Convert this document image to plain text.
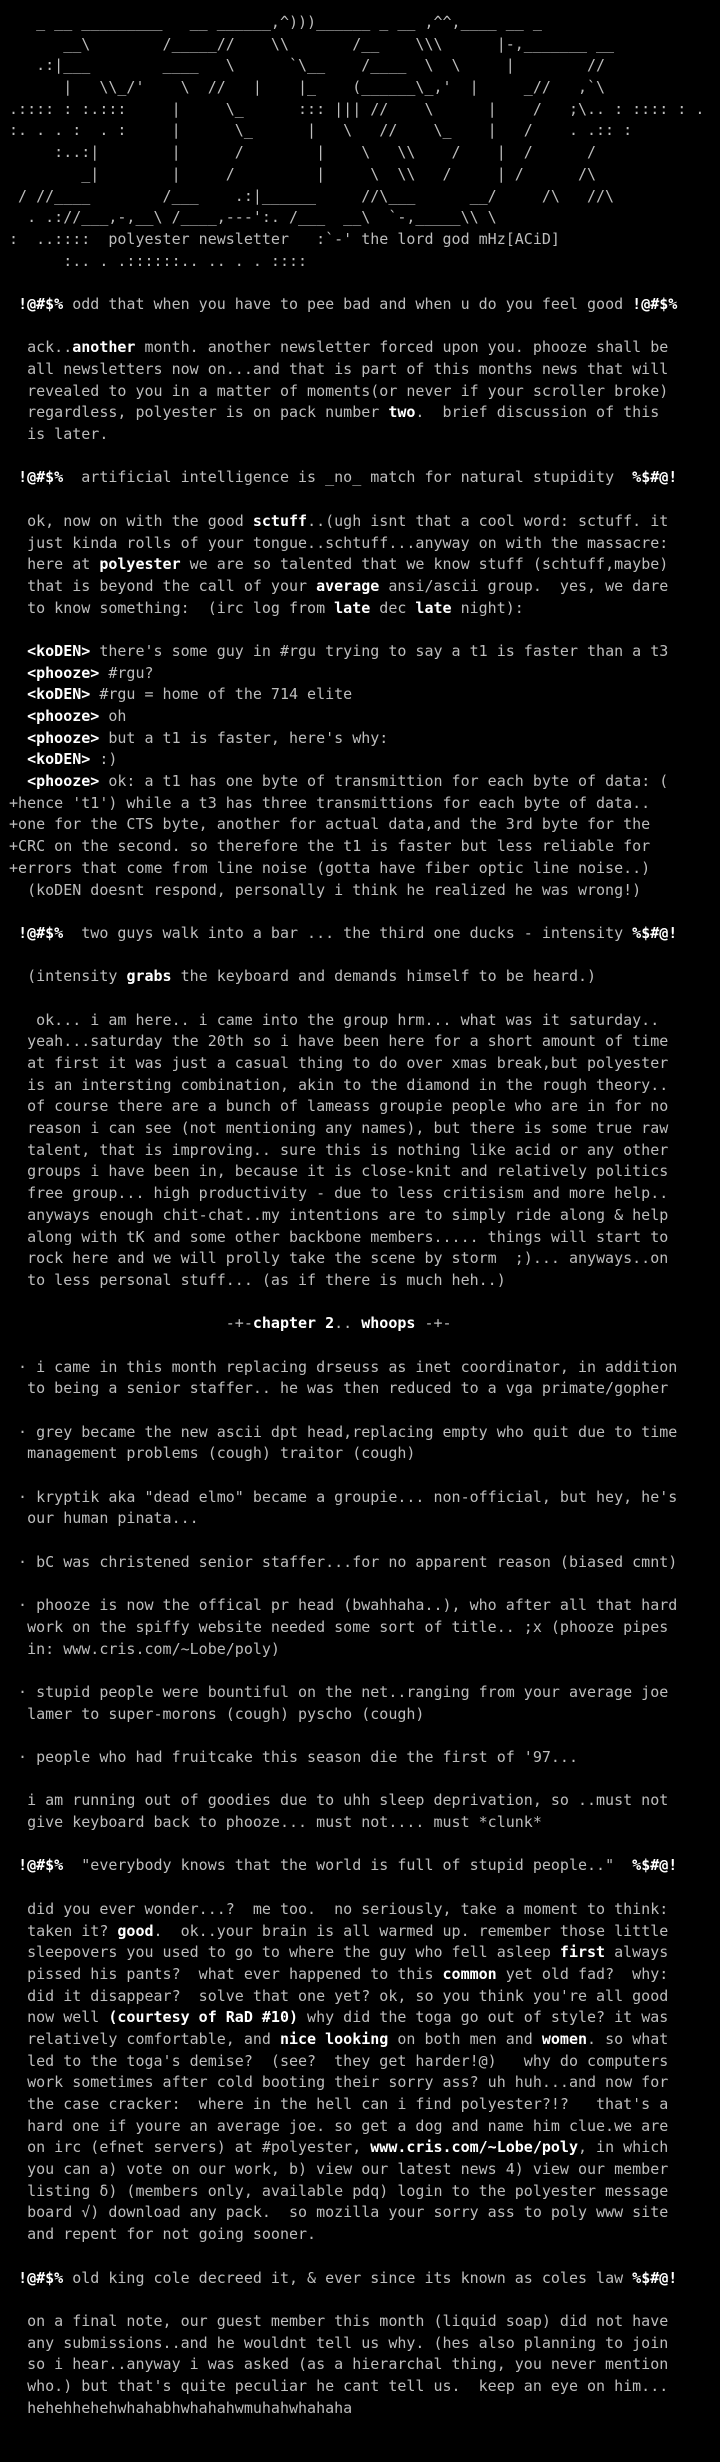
_ __ _________   __ ______,^)))______ _ __ ,^^,____ __ _
__\        /_____//    \\       /__    \\\      |-,_______ __
.:|___        ____   \      `\__    /____  \  \     |        //
|   \\_/'    \  //   |    |_    (______\_,'  |     _//   ,`\
.:::: : :.:::     |     \_      ::: ||| //    \      |    /   ;\.. : :::: : .
:. . . :  . :     |      \_      |   \   //    \_    |   /    . .:: :
:..:|        |      /        |    \   \\    /    |  /      /
_|        |     /         |     \  \\   /     | /      /\
/ //____        /___    .:|______     //\___      __/     /\   //\
. .://___,-,__\ /____,---':. /___  __\  `-,_____\\ \
:  ..::::  polyester newsletter   :`-' the lord god mHz[ACiD]
:.. . .::::::.. .. . . ::::
!@#$% odd that when you have to pee bad and when u do you feel good !@#$%
ack..another month. another newsletter forced upon you. phooze shall be
all newsletters now on...and that is part of this months news that will
revealed to you in a matter of moments(or never if your scroller broke)
regardless, polyester is on pack number two.  brief discussion of this
is later.
!@#$%  artificial intelligence is _no_ match for natural stupidity  %$#@!
ok, now on with the good sctuff..(ugh isnt that a cool word: sctuff. it
just kinda rolls of your tongue..schtuff...anyway on with the massacre:
here at polyester we are so talented that we know stuff (schtuff,maybe)
that is beyond the call of your average ansi/ascii group.  yes, we dare
to know something:  (irc log from late dec late night):
<koDEN> there's some guy in #rgu trying to say a t1 is faster than a t3
<phooze> #rgu?
<koDEN> #rgu = home of the 714 elite
<phooze> oh
<phooze> but a t1 is faster, here's why:
<koDEN> :)
<phooze> ok: a t1 has one byte of transmittion for each byte of data: (
+hence 't1') while a t3 has three transmittions for each byte of data..
+one for the CTS byte, another for actual data,and the 3rd byte for the
+CRC on the second. so therefore the t1 is faster but less reliable for
+errors that come from line noise (gotta have fiber optic line noise..)
(koDEN doesnt respond, personally i think he realized he was wrong!)
!@#$%  two guys walk into a bar ... the third one ducks - intensity %$#@!
(intensity grabs the keyboard and demands himself to be heard.)
ok... i am here.. i came into the group hrm... what was it saturday..
yeah...saturday the 20th so i have been here for a short amount of time
at first it was just a casual thing to do over xmas break,but polyester
is an intersting combination, akin to the diamond in the rough theory..
of course there are a bunch of lameass groupie people who are in for no
reason i can see (not mentioning any names), but there is some true raw
talent, that is improving.. sure this is nothing like acid or any other
groups i have been in, because it is close-knit and relatively politics
free group... high productivity - due to less critisism and more help..
anyways enough chit-chat..my intentions are to simply ride along & help
along with tK and some other backbone members..... things will start to
rock here and we will prolly take the scene by storm  ;)... anyways..on
to less personal stuff... (as if there is much heh..)
-+-chapter 2.. whoops -+-
· i came in this month replacing drseuss as inet coordinator, in addition
to being a senior staffer.. he was then reduced to a vga primate/gopher
· grey became the new ascii dpt head,replacing empty who quit due to time
management problems (cough) traitor (cough)
· kryptik aka "dead elmo" became a groupie... non-official, but hey, he's
our human pinata...
· bC was christened senior staffer...for no apparent reason (biased cmnt)
· phooze is now the offical pr head (bwahhaha..), who after all that hard
work on the spiffy website needed some sort of title.. ;x (phooze pipes
in: www.cris.com/~Lobe/poly)
· stupid people were bountiful on the net..ranging from your average joe
lamer to super-morons (cough) pyscho (cough)
· people who had fruitcake this season die the first of '97...
i am running out of goodies due to uhh sleep deprivation, so ..must not
give keyboard back to phooze... must not.... must *clunk*
!@#$%  "everybody knows that the world is full of stupid people.."  %$#@!
did you ever wonder...?  me too.  no seriously, take a moment to think:
taken it? good.  ok..your brain is all warmed up. remember those little
sleepovers you used to go to where the guy who fell asleep first always
pissed his pants?  what ever happened to this common yet old fad?  why:
did it disappear?  solve that one yet? ok, so you think you're all good
now well (courtesy of RaD #10) why did the toga go out of style? it was
relatively comfortable, and nice looking on both men and women. so what
led to the toga's demise?  (see?  they get harder!@)   why do computers
work sometimes after cold booting their sorry ass? uh huh...and now for
the case cracker:  where in the hell can i find polyester?!?   that's a
hard one if youre an average joe. so get a dog and name him clue.we are
on irc (efnet servers) at #polyester, www.cris.com/~Lobe/poly, in which
you can a) vote on our work, b) view our latest news 4) view our member
listing δ) (members only, available pdq) login to the polyester message
board √) download any pack.  so mozilla your sorry ass to poly www site
and repent for not going sooner.
!@#$% old king cole decreed it, & ever since its known as coles law %$#@!
on a final note, our guest member this month (liquid soap) did not have
any submissions..and he wouldnt tell us why. (hes also planning to join
so i hear..anyway i was asked (as a hierarchal thing, you never mention
who.) but that's quite peculiar he cant tell us.  keep an eye on him...
hehehhehehwhahabhwhahahwmuhahwhahaha
